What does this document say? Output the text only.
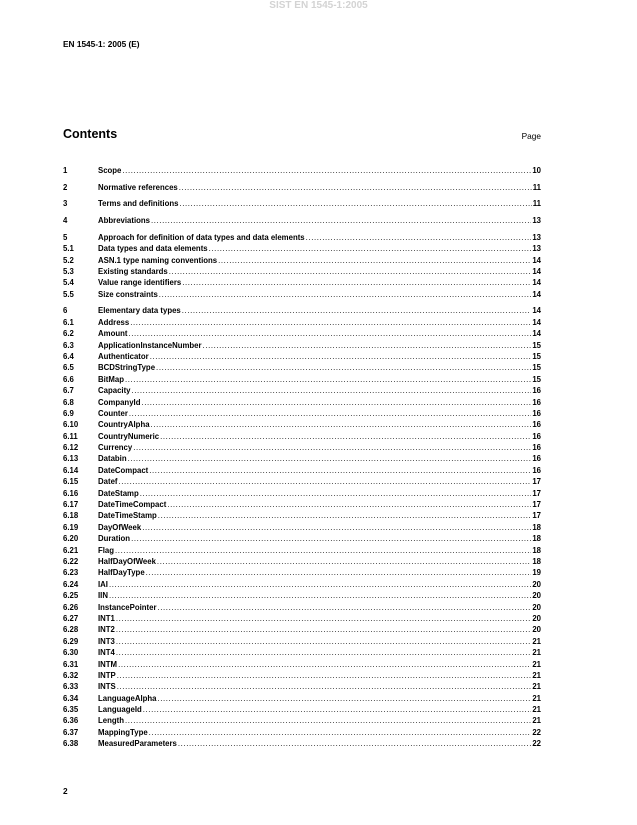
SIST EN 1545-1:2005
EN 1545-1: 2005 (E)
Contents	Page
1	Scope .....	10
2	Normative references .....	11
3	Terms and definitions .....	11
4	Abbreviations .....	13
5	Approach for definition of data types and data elements .....	13
5.1	Data types and data elements .....	13
5.2	ASN.1 type naming conventions .....	14
5.3	Existing standards .....	14
5.4	Value range identifiers .....	14
5.5	Size constraints .....	14
6	Elementary data types .....	14
6.1	Address .....	14
6.2	Amount .....	14
6.3	ApplicationInstanceNumber .....	15
6.4	Authenticator .....	15
6.5	BCDStringType .....	15
6.6	BitMap .....	15
6.7	Capacity .....	16
6.8	CompanyId .....	16
6.9	Counter .....	16
6.10	CountryAlpha .....	16
6.11	CountryNumeric .....	16
6.12	Currency .....	16
6.13	Databin .....	16
6.14	DateCompact .....	16
6.15	Datef .....	17
6.16	DateStamp .....	17
6.17	DateTimeCompact .....	17
6.18	DateTimeStamp .....	17
6.19	DayOfWeek .....	18
6.20	Duration .....	18
6.21	Flag .....	18
6.22	HalfDayOfWeek .....	18
6.23	HalfDayType .....	19
6.24	IAI .....	20
6.25	IIN .....	20
6.26	InstancePointer .....	20
6.27	INT1 .....	20
6.28	INT2 .....	20
6.29	INT3 .....	21
6.30	INT4 .....	21
6.31	INTM .....	21
6.32	INTP .....	21
6.33	INTS .....	21
6.34	LanguageAlpha .....	21
6.35	LanguageId .....	21
6.36	Length .....	21
6.37	MappingType .....	22
6.38	MeasuredParameters .....	22
2
